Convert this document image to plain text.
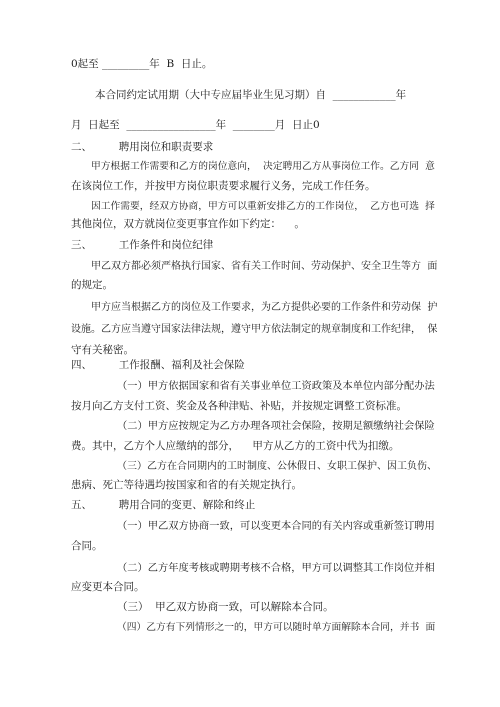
0起至 _________年  B  日止。
本合同约定试用期（大中专应届毕业生见习期）自  ____________年
月  日起至  _________________年  ________月  日止0
二、        聘用岗位和职责要求
甲方根据工作需要和乙方的岗位意向，  决定聘用乙方从事岗位工作。乙方同  意
在该岗位工作，并按甲方岗位职责要求履行义务，完成工作任务。
因工作需要，经双方协商，甲方可以重新安排乙方的工作岗位，  乙方也可选  择
其他岗位，双方就岗位变更事宜作如下约定：    。
三、        工作条件和岗位纪律
甲乙双方都必须严格执行国家、省有关工作时间、劳动保护、安全卫生等方  面
的规定。
甲方应当根据乙方的岗位及工作要求，为乙方提供必要的工作条件和劳动保  护
设施。乙方应当遵守国家法律法规，遵守甲方依法制定的规章制度和工作纪律，  保
守有关秘密。
四、        工作报酬、福利及社会保险
（一）甲方依据国家和省有关事业单位工资政策及本单位内部分配办法
按月向乙方支付工资、奖金及各种津贴、补贴，并按规定调整工资标准。
（二）甲方应按规定为乙方办理各项社会保险，按期足额缴纳社会保险
费。其中，乙方个人应缴纳的部分，    甲方从乙方的工资中代为扣缴。
（三）乙方在合同期内的工时制度、公休假日、女职工保护、因工负伤、
患病、死亡等待遇均按国家和省的有关规定执行。
五、        聘用合同的变更、解除和终止
（一）甲乙双方协商一致，可以变更本合同的有关内容或重新签订聘用
合同。
（二）乙方年度考核或聘期考核不合格，甲方可以调整其工作岗位并相
应变更本合同。
（三）  甲乙双方协商一致，可以解除本合同。
（四）乙方有下列情形之一的，甲方可以随时单方面解除本合同，并书  面
